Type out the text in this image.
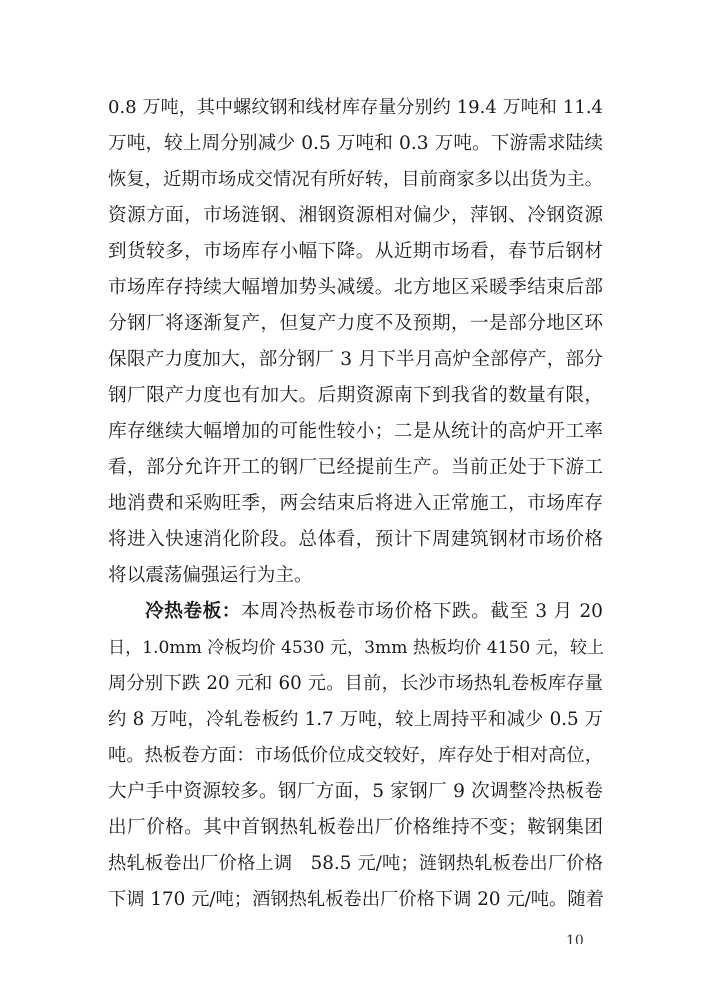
0.8 万吨，其中螺纹钢和线材库存量分别约 19.4 万吨和 11.4
万吨，较上周分别减少 0.5 万吨和 0.3 万吨。下游需求陆续
恢复，近期市场成交情况有所好转，目前商家多以出货为主。
资源方面，市场涟钢、湘钢资源相对偏少，萍钢、冷钢资源
到货较多，市场库存小幅下降。从近期市场看，春节后钢材
市场库存持续大幅增加势头减缓。北方地区采暖季结束后部
分钢厂将逐渐复产，但复产力度不及预期，一是部分地区环
保限产力度加大，部分钢厂 3 月下半月高炉全部停产，部分
钢厂限产力度也有加大。后期资源南下到我省的数量有限，
库存继续大幅增加的可能性较小；二是从统计的高炉开工率
看，部分允许开工的钢厂已经提前生产。当前正处于下游工
地消费和采购旺季，两会结束后将进入正常施工，市场库存
将进入快速消化阶段。总体看，预计下周建筑钢材市场价格
将以震荡偏强运行为主。
冷热卷板：本周冷热板卷市场价格下跌。截至 3 月 20
日，1.0mm 冷板均价 4530 元，3mm 热板均价 4150 元，较上
周分别下跌 20 元和 60 元。目前，长沙市场热轧卷板库存量
约 8 万吨，冷轧卷板约 1.7 万吨，较上周持平和减少 0.5 万
吨。热板卷方面：市场低价位成交较好，库存处于相对高位，
大户手中资源较多。钢厂方面，5 家钢厂 9 次调整冷热板卷
出厂价格。其中首钢热轧板卷出厂价格维持不变；鞍钢集团
热轧板卷出厂价格上调　58.5 元/吨；涟钢热轧板卷出厂价格
下调 170 元/吨；酒钢热轧板卷出厂价格下调 20 元/吨。随着
10
